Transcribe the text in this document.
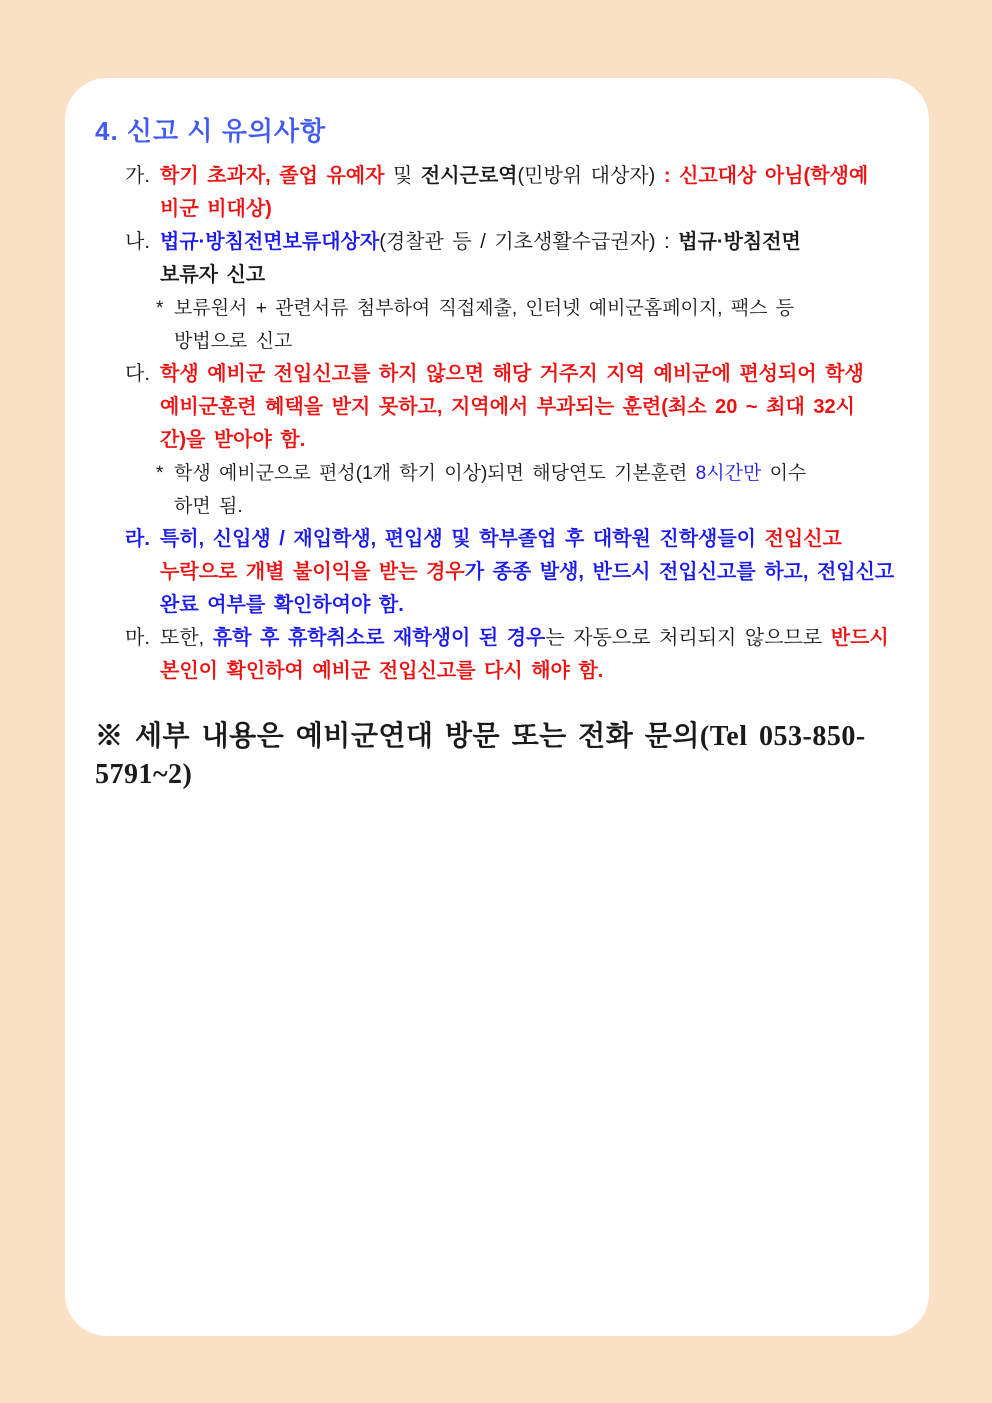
4. 신고 시 유의사항
가. 학기 초과자, 졸업 유예자 및 전시근로역(민방위 대상자) : 신고대상 아님(학생예
비군 비대상)
나. 법규·방침전면보류대상자(경찰관 등 / 기초생활수급권자) : 법규·방침전면
보류자 신고
* 보류원서 + 관련서류 첨부하여 직접제출, 인터넷 예비군홈페이지, 팩스 등
방법으로 신고
다. 학생 예비군 전입신고를 하지 않으면 해당 거주지 지역 예비군에 편성되어 학생
예비군훈련 혜택을 받지 못하고, 지역에서 부과되는 훈련(최소 20 ~ 최대 32시
간)을 받아야 함.
* 학생 예비군으로 편성(1개 학기 이상)되면 해당연도 기본훈련 8시간만 이수
하면 됨.
라. 특히, 신입생 / 재입학생, 편입생 및 학부졸업 후 대학원 진학생들이 전입신고
누락으로 개별 불이익을 받는 경우가 종종 발생, 반드시 전입신고를 하고, 전입신고
완료 여부를 확인하여야 함.
마. 또한, 휴학 후 휴학취소로 재학생이 된 경우는 자동으로 처리되지 않으므로 반드시
본인이 확인하여 예비군 전입신고를 다시 해야 함.
※ 세부 내용은 예비군연대 방문 또는 전화 문의(Tel 053-850-5791~2)
